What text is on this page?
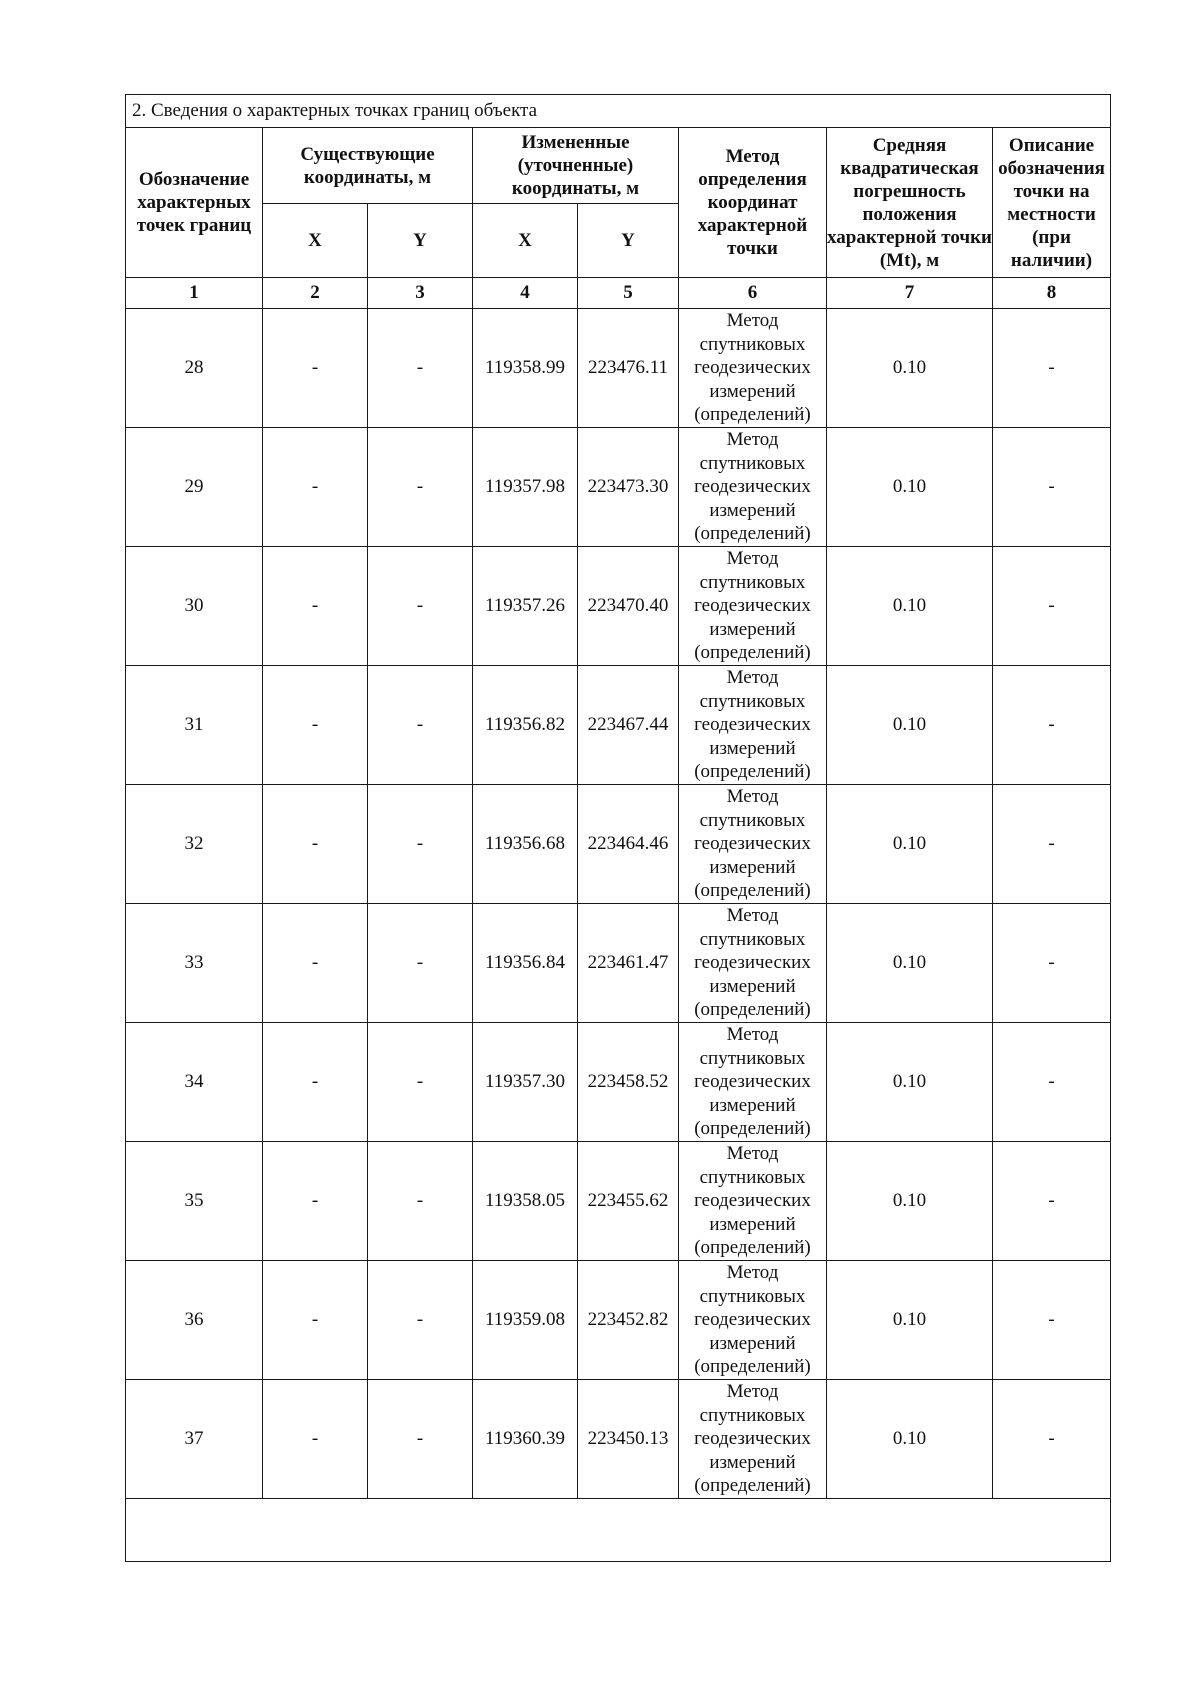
2. Сведения о характерных точках границ объекта							
Обозначение характерных точек границ	Существующие координаты, м		Измененные (уточненные) координаты, м		Метод определения координат характерной точки	Средняя квадратическая погрешность положения характерной точки (Mt), м	Описание обозначения точки на местности (при наличии)
	X	Y	X	Y			
1	2	3	4	5	6	7	8
28	-	-	119358.99	223476.11	Метод спутниковых геодезических измерений (определений)	0.10	-
29	-	-	119357.98	223473.30	Метод спутниковых геодезических измерений (определений)	0.10	-
30	-	-	119357.26	223470.40	Метод спутниковых геодезических измерений (определений)	0.10	-
31	-	-	119356.82	223467.44	Метод спутниковых геодезических измерений (определений)	0.10	-
32	-	-	119356.68	223464.46	Метод спутниковых геодезических измерений (определений)	0.10	-
33	-	-	119356.84	223461.47	Метод спутниковых геодезических измерений (определений)	0.10	-
34	-	-	119357.30	223458.52	Метод спутниковых геодезических измерений (определений)	0.10	-
35	-	-	119358.05	223455.62	Метод спутниковых геодезических измерений (определений)	0.10	-
36	-	-	119359.08	223452.82	Метод спутниковых геодезических измерений (определений)	0.10	-
37	-	-	119360.39	223450.13	Метод спутниковых геодезических измерений (определений)	0.10	-
